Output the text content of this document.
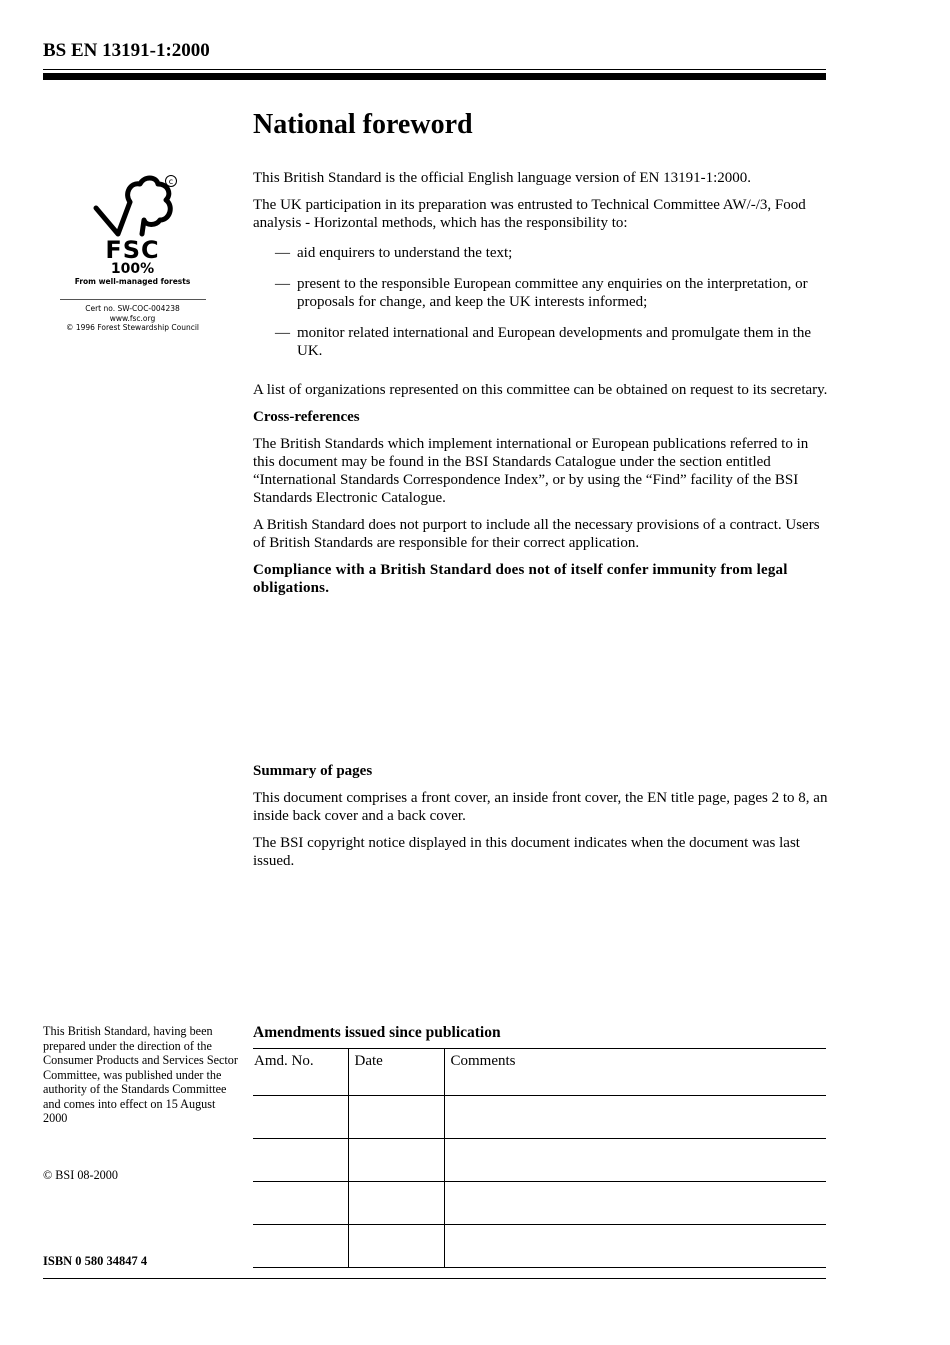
BS EN 13191-1:2000
c
FSC
100%
From well-managed forests
Cert no. SW-COC-004238
www.fsc.org
© 1996 Forest Stewardship Council
National foreword

This British Standard is the official English language version of EN 13191-1:2000.

The UK participation in its preparation was entrusted to Technical Committee AW/-/3, Food analysis - Horizontal methods, which has the responsibility to:

— aid enquirers to understand the text;
— present to the responsible European committee any enquiries on the interpretation, or proposals for change, and keep the UK interests informed;
— monitor related international and European developments and promulgate them in the UK.

A list of organizations represented on this committee can be obtained on request to its secretary.

Cross-references

The British Standards which implement international or European publications referred to in this document may be found in the BSI Standards Catalogue under the section entitled “International Standards Correspondence Index”, or by using the “Find” facility of the BSI Standards Electronic Catalogue.

A British Standard does not purport to include all the necessary provisions of a contract. Users of British Standards are responsible for their correct application.

Compliance with a British Standard does not of itself confer immunity from legal obligations.

Summary of pages

This document comprises a front cover, an inside front cover, the EN title page, pages 2 to 8, an inside back cover and a back cover.

The BSI copyright notice displayed in this document indicates when the document was last issued.

This British Standard, having been prepared under the direction of the Consumer Products and Services Sector Committee, was published under the authority of the Standards Committee and comes into effect on 15 August 2000
© BSI 08-2000
ISBN 0 580 34847 4
Amendments issued since publication
Amd. No.	Date	Comments
